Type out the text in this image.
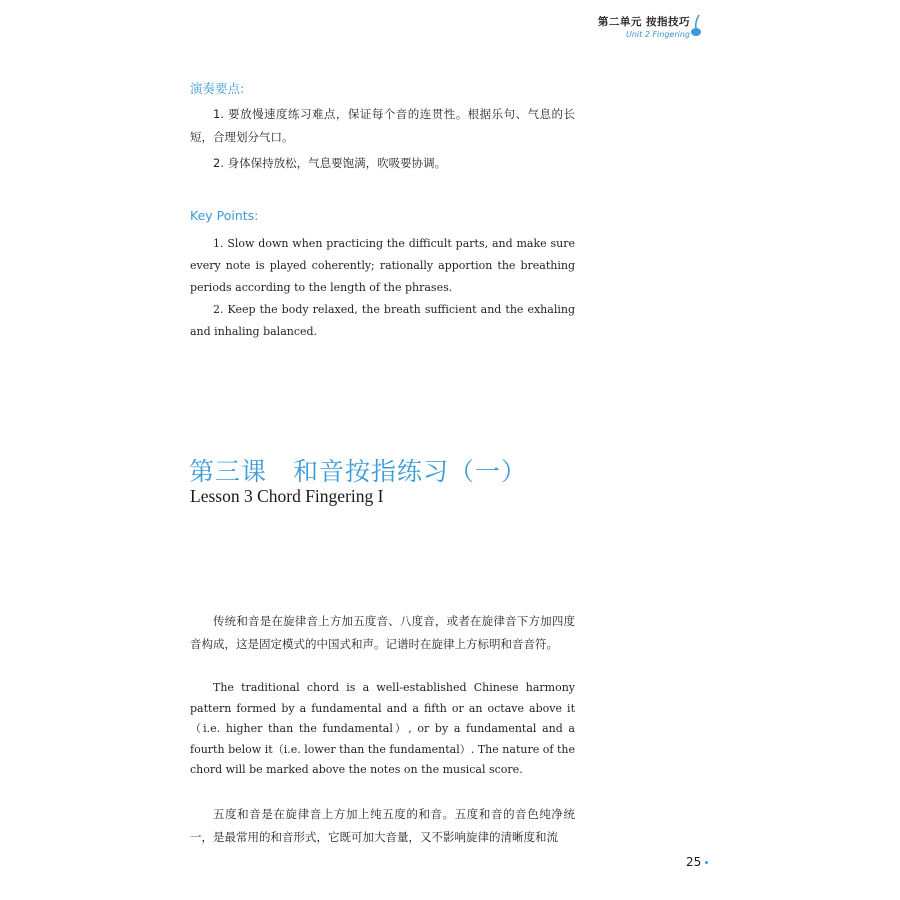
第二单元 按指技巧
Unit 2 Fingering
演奏要点:
1. 要放慢速度练习难点，保证每个音的连贯性。根据乐句、气息的长短，合理划分气口。
2. 身体保持放松，气息要饱满，吹吸要协调。
Key Points:
1. Slow down when practicing the difficult parts, and make sure every note is played coherently; rationally apportion the breathing periods according to the length of the phrases.
2. Keep the body relaxed, the breath sufficient and the exhaling and inhaling balanced.
第三课　和音按指练习（一）
Lesson 3 Chord Fingering I
传统和音是在旋律音上方加五度音、八度音，或者在旋律音下方加四度音构成，这是固定模式的中国式和声。记谱时在旋律上方标明和音音符。
The traditional chord is a well-established Chinese harmony pattern formed by a fundamental and a fifth or an octave above it（i.e. higher than the fundamental）, or by a fundamental and a fourth below it（i.e. lower than the fundamental）. The nature of the chord will be marked above the notes on the musical score.
五度和音是在旋律音上方加上纯五度的和音。五度和音的音色纯净统一，是最常用的和音形式，它既可加大音量，又不影响旋律的清晰度和流
25
